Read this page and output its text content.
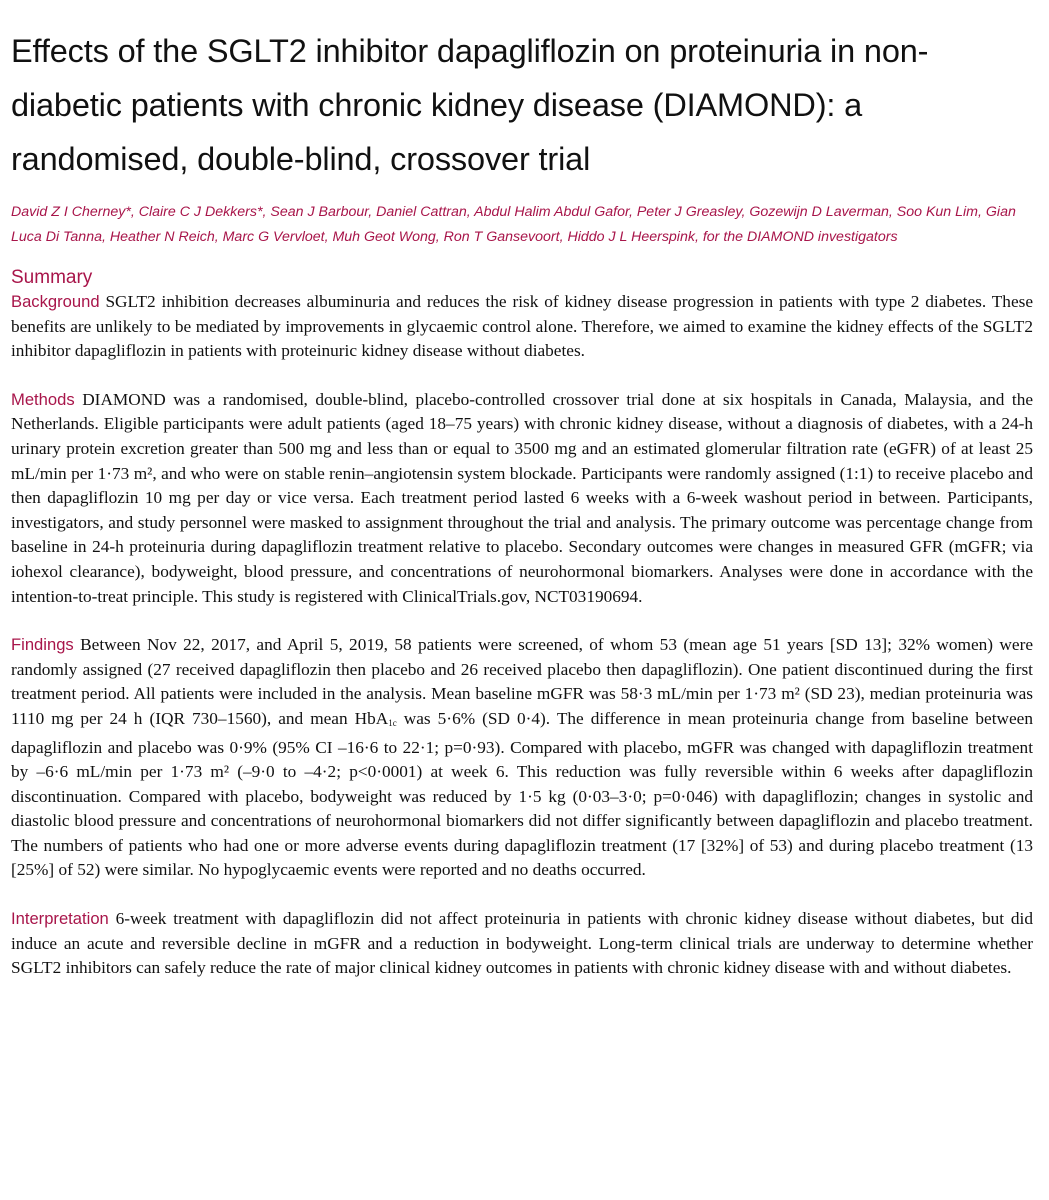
Effects of the SGLT2 inhibitor dapagliflozin on proteinuria in non-diabetic patients with chronic kidney disease (DIAMOND): a randomised, double-blind, crossover trial

David Z I Cherney*, Claire C J Dekkers*, Sean J Barbour, Daniel Cattran, Abdul Halim Abdul Gafor, Peter J Greasley, Gozewijn D Laverman, Soo Kun Lim, Gian Luca Di Tanna, Heather N Reich, Marc G Vervloet, Muh Geot Wong, Ron T Gansevoort, Hiddo J L Heerspink, for the DIAMOND investigators

Summary

Background SGLT2 inhibition decreases albuminuria and reduces the risk of kidney disease progression in patients with type 2 diabetes. These benefits are unlikely to be mediated by improvements in glycaemic control alone. Therefore, we aimed to examine the kidney effects of the SGLT2 inhibitor dapagliflozin in patients with proteinuric kidney disease without diabetes.

Methods DIAMOND was a randomised, double-blind, placebo-controlled crossover trial done at six hospitals in Canada, Malaysia, and the Netherlands. Eligible participants were adult patients (aged 18–75 years) with chronic kidney disease, without a diagnosis of diabetes, with a 24-h urinary protein excretion greater than 500 mg and less than or equal to 3500 mg and an estimated glomerular filtration rate (eGFR) of at least 25 mL/min per 1·73 m², and who were on stable renin–angiotensin system blockade. Participants were randomly assigned (1:1) to receive placebo and then dapagliflozin 10 mg per day or vice versa. Each treatment period lasted 6 weeks with a 6-week washout period in between. Participants, investigators, and study personnel were masked to assignment throughout the trial and analysis. The primary outcome was percentage change from baseline in 24-h proteinuria during dapagliflozin treatment relative to placebo. Secondary outcomes were changes in measured GFR (mGFR; via iohexol clearance), bodyweight, blood pressure, and concentrations of neurohormonal biomarkers. Analyses were done in accordance with the intention-to-treat principle. This study is registered with ClinicalTrials.gov, NCT03190694.

Findings Between Nov 22, 2017, and April 5, 2019, 58 patients were screened, of whom 53 (mean age 51 years [SD 13]; 32% women) were randomly assigned (27 received dapagliflozin then placebo and 26 received placebo then dapagliflozin). One patient discontinued during the first treatment period. All patients were included in the analysis. Mean baseline mGFR was 58·3 mL/min per 1·73 m² (SD 23), median proteinuria was 1110 mg per 24 h (IQR 730–1560), and mean HbA$_{1c}$ was 5·6% (SD 0·4). The difference in mean proteinuria change from baseline between dapagliflozin and placebo was 0·9% (95% CI –16·6 to 22·1; p=0·93). Compared with placebo, mGFR was changed with dapagliflozin treatment by –6·6 mL/min per 1·73 m² (–9·0 to –4·2; p<0·0001) at week 6. This reduction was fully reversible within 6 weeks after dapagliflozin discontinuation. Compared with placebo, bodyweight was reduced by 1·5 kg (0·03–3·0; p=0·046) with dapagliflozin; changes in systolic and diastolic blood pressure and concentrations of neurohormonal biomarkers did not differ significantly between dapagliflozin and placebo treatment. The numbers of patients who had one or more adverse events during dapagliflozin treatment (17 [32%] of 53) and during placebo treatment (13 [25%] of 52) were similar. No hypoglycaemic events were reported and no deaths occurred.

Interpretation 6-week treatment with dapagliflozin did not affect proteinuria in patients with chronic kidney disease without diabetes, but did induce an acute and reversible decline in mGFR and a reduction in bodyweight. Long-term clinical trials are underway to determine whether SGLT2 inhibitors can safely reduce the rate of major clinical kidney outcomes in patients with chronic kidney disease with and without diabetes.
